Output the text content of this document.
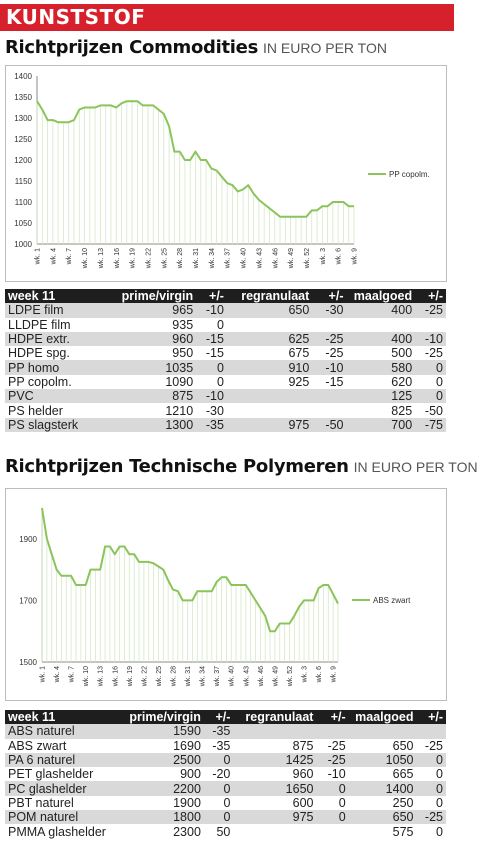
KUNSTSTOF
Richtprijzen Commodities IN EURO PER TON
1000
1050
1100
1150
1200
1250
1300
1350
1400
wk. 1 wk. 4 wk. 7 wk. 10 wk. 13 wk. 16 wk. 19 wk. 22 wk. 25 wk. 28 wk. 31 wk. 34 wk. 37 wk. 40 wk. 43 wk. 46 wk. 49 wk. 52 wk. 3 wk. 6 wk. 9
PP copolm.
week 11	prime/virgin	+/-	regranulaat	+/-	maalgoed	+/-
LDPE film	965	-10	650	-30	400	-25
LLDPE film	935	0				
HDPE extr.	960	-15	625	-25	400	-10
HDPE spg.	950	-15	675	-25	500	-25
PP homo	1035	0	910	-10	580	0
PP copolm.	1090	0	925	-15	620	0
PVC	875	-10			125	0
PS helder	1210	-30			825	-50
PS slagsterk	1300	-35	975	-50	700	-75
Richtprijzen Technische Polymeren IN EURO PER TON
1500
1700
1900
wk. 1 wk. 4 wk. 7 wk. 10 wk. 13 wk. 16 wk. 19 wk. 22 wk. 25 wk. 28 wk. 31 wk. 34 wk. 37 wk. 40 wk. 43 wk. 46 wk. 49 wk. 52 wk. 3 wk. 6 wk. 9
ABS zwart
week 11	prime/virgin	+/-	regranulaat	+/-	maalgoed	+/-
ABS naturel	1590	-35				
ABS zwart	1690	-35	875	-25	650	-25
PA 6 naturel	2500	0	1425	-25	1050	0
PET glashelder	900	-20	960	-10	665	0
PC glashelder	2200	0	1650	0	1400	0
PBT naturel	1900	0	600	0	250	0
POM naturel	1800	0	975	0	650	-25
PMMA glashelder	2300	50			575	0
